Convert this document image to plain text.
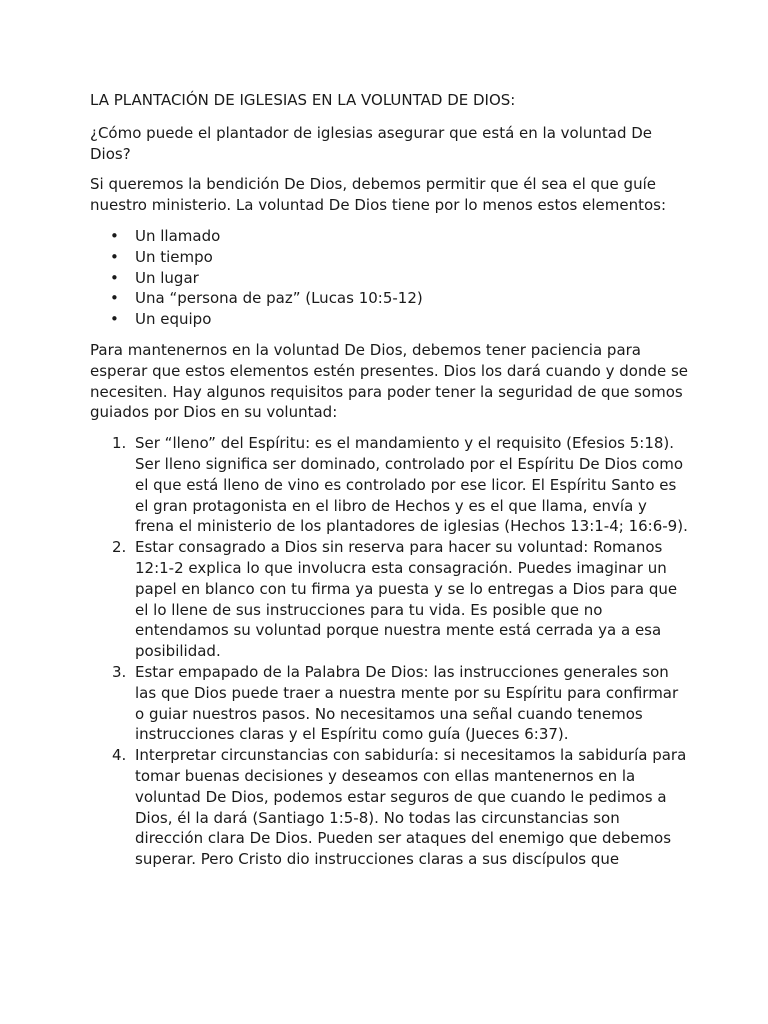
LA PLANTACIÓN DE IGLESIAS EN LA VOLUNTAD DE DIOS:

¿Cómo puede el plantador de iglesias asegurar que está en la voluntad De Dios?

Si queremos la bendición De Dios, debemos permitir que él sea el que guíe nuestro ministerio. La voluntad De Dios tiene por lo menos estos elementos:

• Un llamado
• Un tiempo
• Un lugar
• Una “persona de paz” (Lucas 10:5-12)
• Un equipo

Para mantenernos en la voluntad De Dios, debemos tener paciencia para esperar que estos elementos estén presentes. Dios los dará cuando y donde se necesiten. Hay algunos requisitos para poder tener la seguridad de que somos guiados por Dios en su voluntad:

1. Ser “lleno” del Espíritu: es el mandamiento y el requisito (Efesios 5:18). Ser lleno significa ser dominado, controlado por el Espíritu De Dios como el que está lleno de vino es controlado por ese licor. El Espíritu Santo es el gran protagonista en el libro de Hechos y es el que llama, envía y frena el ministerio de los plantadores de iglesias (Hechos 13:1-4; 16:6-9).
2. Estar consagrado a Dios sin reserva para hacer su voluntad: Romanos 12:1-2 explica lo que involucra esta consagración. Puedes imaginar un papel en blanco con tu firma ya puesta y se lo entregas a Dios para que el lo llene de sus instrucciones para tu vida. Es posible que no entendamos su voluntad porque nuestra mente está cerrada ya a esa posibilidad.
3. Estar empapado de la Palabra De Dios: las instrucciones generales son las que Dios puede traer a nuestra mente por su Espíritu para confirmar o guiar nuestros pasos. No necesitamos una señal cuando tenemos instrucciones claras y el Espíritu como guía (Jueces 6:37).
4. Interpretar circunstancias con sabiduría: si necesitamos la sabiduría para tomar buenas decisiones y deseamos con ellas mantenernos en la voluntad De Dios, podemos estar seguros de que cuando le pedimos a Dios, él la dará (Santiago 1:5-8). No todas las circunstancias son dirección clara De Dios. Pueden ser ataques del enemigo que debemos superar. Pero Cristo dio instrucciones claras a sus discípulos que
